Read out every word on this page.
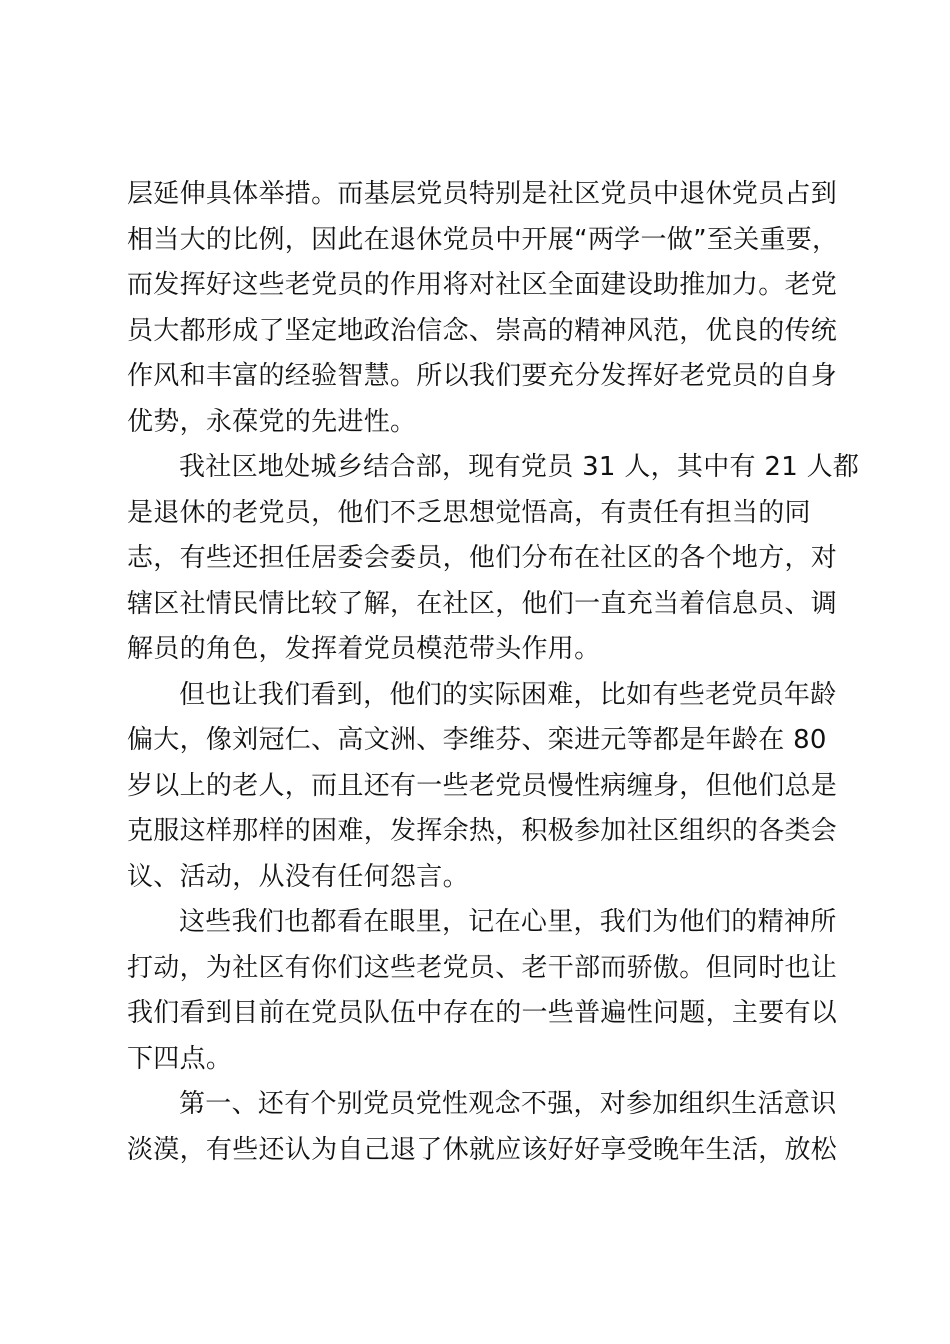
层延伸具体举措。而基层党员特别是社区党员中退休党员占到
相当大的比例，因此在退休党员中开展“两学一做”至关重要，
而发挥好这些老党员的作用将对社区全面建设助推加力。老党
员大都形成了坚定地政治信念、崇高的精神风范，优良的传统
作风和丰富的经验智慧。所以我们要充分发挥好老党员的自身
优势，永葆党的先进性。
我社区地处城乡结合部，现有党员 31 人，其中有 21 人都
是退休的老党员，他们不乏思想觉悟高，有责任有担当的同
志，有些还担任居委会委员，他们分布在社区的各个地方，对
辖区社情民情比较了解，在社区，他们一直充当着信息员、调
解员的角色，发挥着党员模范带头作用。
但也让我们看到，他们的实际困难，比如有些老党员年龄
偏大，像刘冠仁、高文洲、李维芬、栾进元等都是年龄在 80
岁以上的老人，而且还有一些老党员慢性病缠身，但他们总是
克服这样那样的困难，发挥余热，积极参加社区组织的各类会
议、活动，从没有任何怨言。
这些我们也都看在眼里，记在心里，我们为他们的精神所
打动，为社区有你们这些老党员、老干部而骄傲。但同时也让
我们看到目前在党员队伍中存在的一些普遍性问题，主要有以
下四点。
第一、还有个别党员党性观念不强，对参加组织生活意识
淡漠，有些还认为自己退了休就应该好好享受晚年生活，放松
